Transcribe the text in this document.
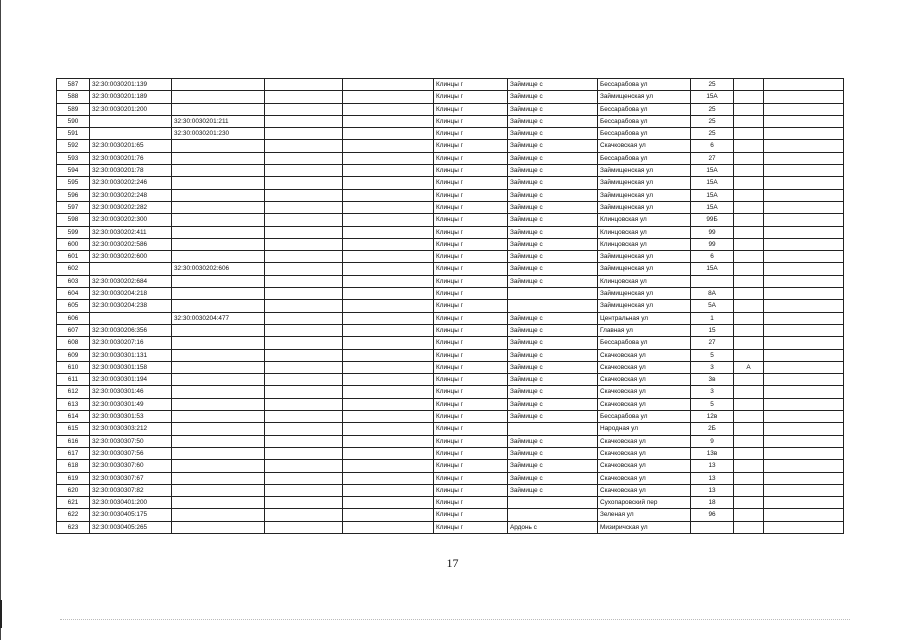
587	32:30:0030201:139				Клинцы г	Займище с	Бессарабова ул	25		
588	32:30:0030201:189				Клинцы г	Займище с	Займищенская ул	15А		
589	32:30:0030201:200				Клинцы г	Займище с	Бессарабова ул	25		
590		32:30:0030201:211			Клинцы г	Займище с	Бессарабова ул	25		
591		32:30:0030201:230			Клинцы г	Займище с	Бессарабова ул	25		
592	32:30:0030201:65				Клинцы г	Займище с	Скачковская ул	6		
593	32:30:0030201:76				Клинцы г	Займище с	Бессарабова ул	27		
594	32:30:0030201:78				Клинцы г	Займище с	Займищенская ул	15А		
595	32:30:0030202:246				Клинцы г	Займище с	Займищенская ул	15А		
596	32:30:0030202:248				Клинцы г	Займище с	Займищенская ул	15А		
597	32:30:0030202:282				Клинцы г	Займище с	Займищенская ул	15А		
598	32:30:0030202:300				Клинцы г	Займище с	Клинцовская ул	99Б		
599	32:30:0030202:411				Клинцы г	Займище с	Клинцовская ул	99		
600	32:30:0030202:586				Клинцы г	Займище с	Клинцовская ул	99		
601	32:30:0030202:600				Клинцы г	Займище с	Займищенская ул	6		
602		32:30:0030202:606			Клинцы г	Займище с	Займищенская ул	15А		
603	32:30:0030202:684				Клинцы г	Займище с	Клинцовская ул			
604	32:30:0030204:218				Клинцы г		Займищенская ул	8А		
605	32:30:0030204:238				Клинцы г		Займищенская ул	5А		
606		32:30:0030204:477			Клинцы г	Займище с	Центральная ул	1		
607	32:30:0030206:356				Клинцы г	Займище с	Главная ул	15		
608	32:30:0030207:16				Клинцы г	Займище с	Бессарабова ул	27		
609	32:30:0030301:131				Клинцы г	Займище с	Скачковская ул	5		
610	32:30:0030301:158				Клинцы г	Займище с	Скачковская ул	3	А	
611	32:30:0030301:194				Клинцы г	Займище с	Скачковская ул	3в		
612	32:30:0030301:46				Клинцы г	Займище с	Скачковская ул	3		
613	32:30:0030301:49				Клинцы г	Займище с	Скачковская ул	5		
614	32:30:0030301:53				Клинцы г	Займище с	Бессарабова ул	12в		
615	32:30:0030303:212				Клинцы г		Народная ул	2Б		
616	32:30:0030307:50				Клинцы г	Займище с	Скачковская ул	9		
617	32:30:0030307:56				Клинцы г	Займище с	Скачковская ул	13в		
618	32:30:0030307:60				Клинцы г	Займище с	Скачковская ул	13		
619	32:30:0030307:67				Клинцы г	Займище с	Скачковская ул	13		
620	32:30:0030307:82				Клинцы г	Займище с	Скачковская ул	13		
621	32:30:0030401:200				Клинцы г		Сухопаровский пер	18		
622	32:30:0030405:175				Клинцы г		Зеленая ул	96		
623	32:30:0030405:265				Клинцы г	Ардонь с	Мизиричская ул			
17
